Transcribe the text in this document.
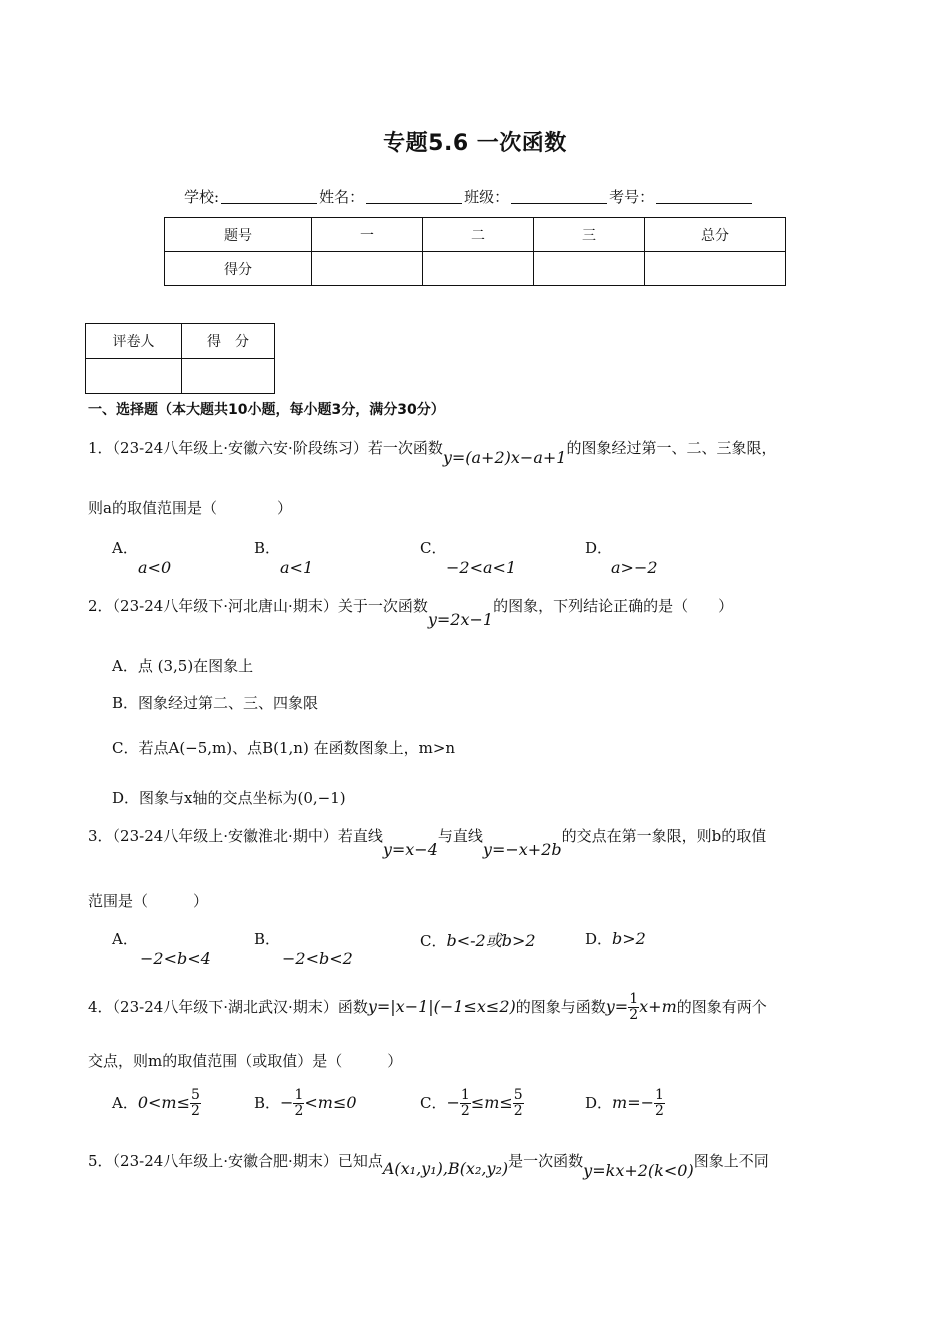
专题5.6 一次函数
学校:	姓名：	班级：	考号：
题号	一	二	三	总分
得分				
评卷人	得　分

一、选择题（本大题共10小题，每小题3分，满分30分）
1．（23-24八年级上·安徽六安·阶段练习）若一次函数y=(a+2)x−a+1的图象经过第一、二、三象限，
则a的取值范围是（　　　　）
A．
a<0
B．
a<1
C．
−2<a<1
D．
a>−2
2．（23-24八年级下·河北唐山·期末）关于一次函数y=2x−1的图象，下列结论正确的是（　　）
A．点 (3,5)在图象上
B．图象经过第二、三、四象限
C．若点A(−5,m)、点B(1,n) 在函数图象上，m>n
D．图象与x轴的交点坐标为(0,−1)
3．（23-24八年级上·安徽淮北·期中）若直线y=x−4与直线y=−x+2b的交点在第一象限，则b的取值
范围是（　　　）
A．
−2<b<4
B．
−2<b<2
C．b<-2或b>2	D．b>2
4．（23-24八年级下·湖北武汉·期末）函数y=|x−1|(−1≤x≤2)的图象与函数$y= \frac{1}{2} x+m$的图象有两个
交点，则m的取值范围（或取值）是（　　　）
A．$0<m\le \frac{5}{2}$	B．− $\frac{1}{2} <m\le 0$	C．− $\frac{1}{2} \le m\le \frac{5}{2}$	D．$m=- \frac{1}{2}$
5．（23-24八年级上·安徽合肥·期末）已知点A(x₁,y₁),B(x₂,y₂)是一次函数y=kx+2(k<0)图象上不同
